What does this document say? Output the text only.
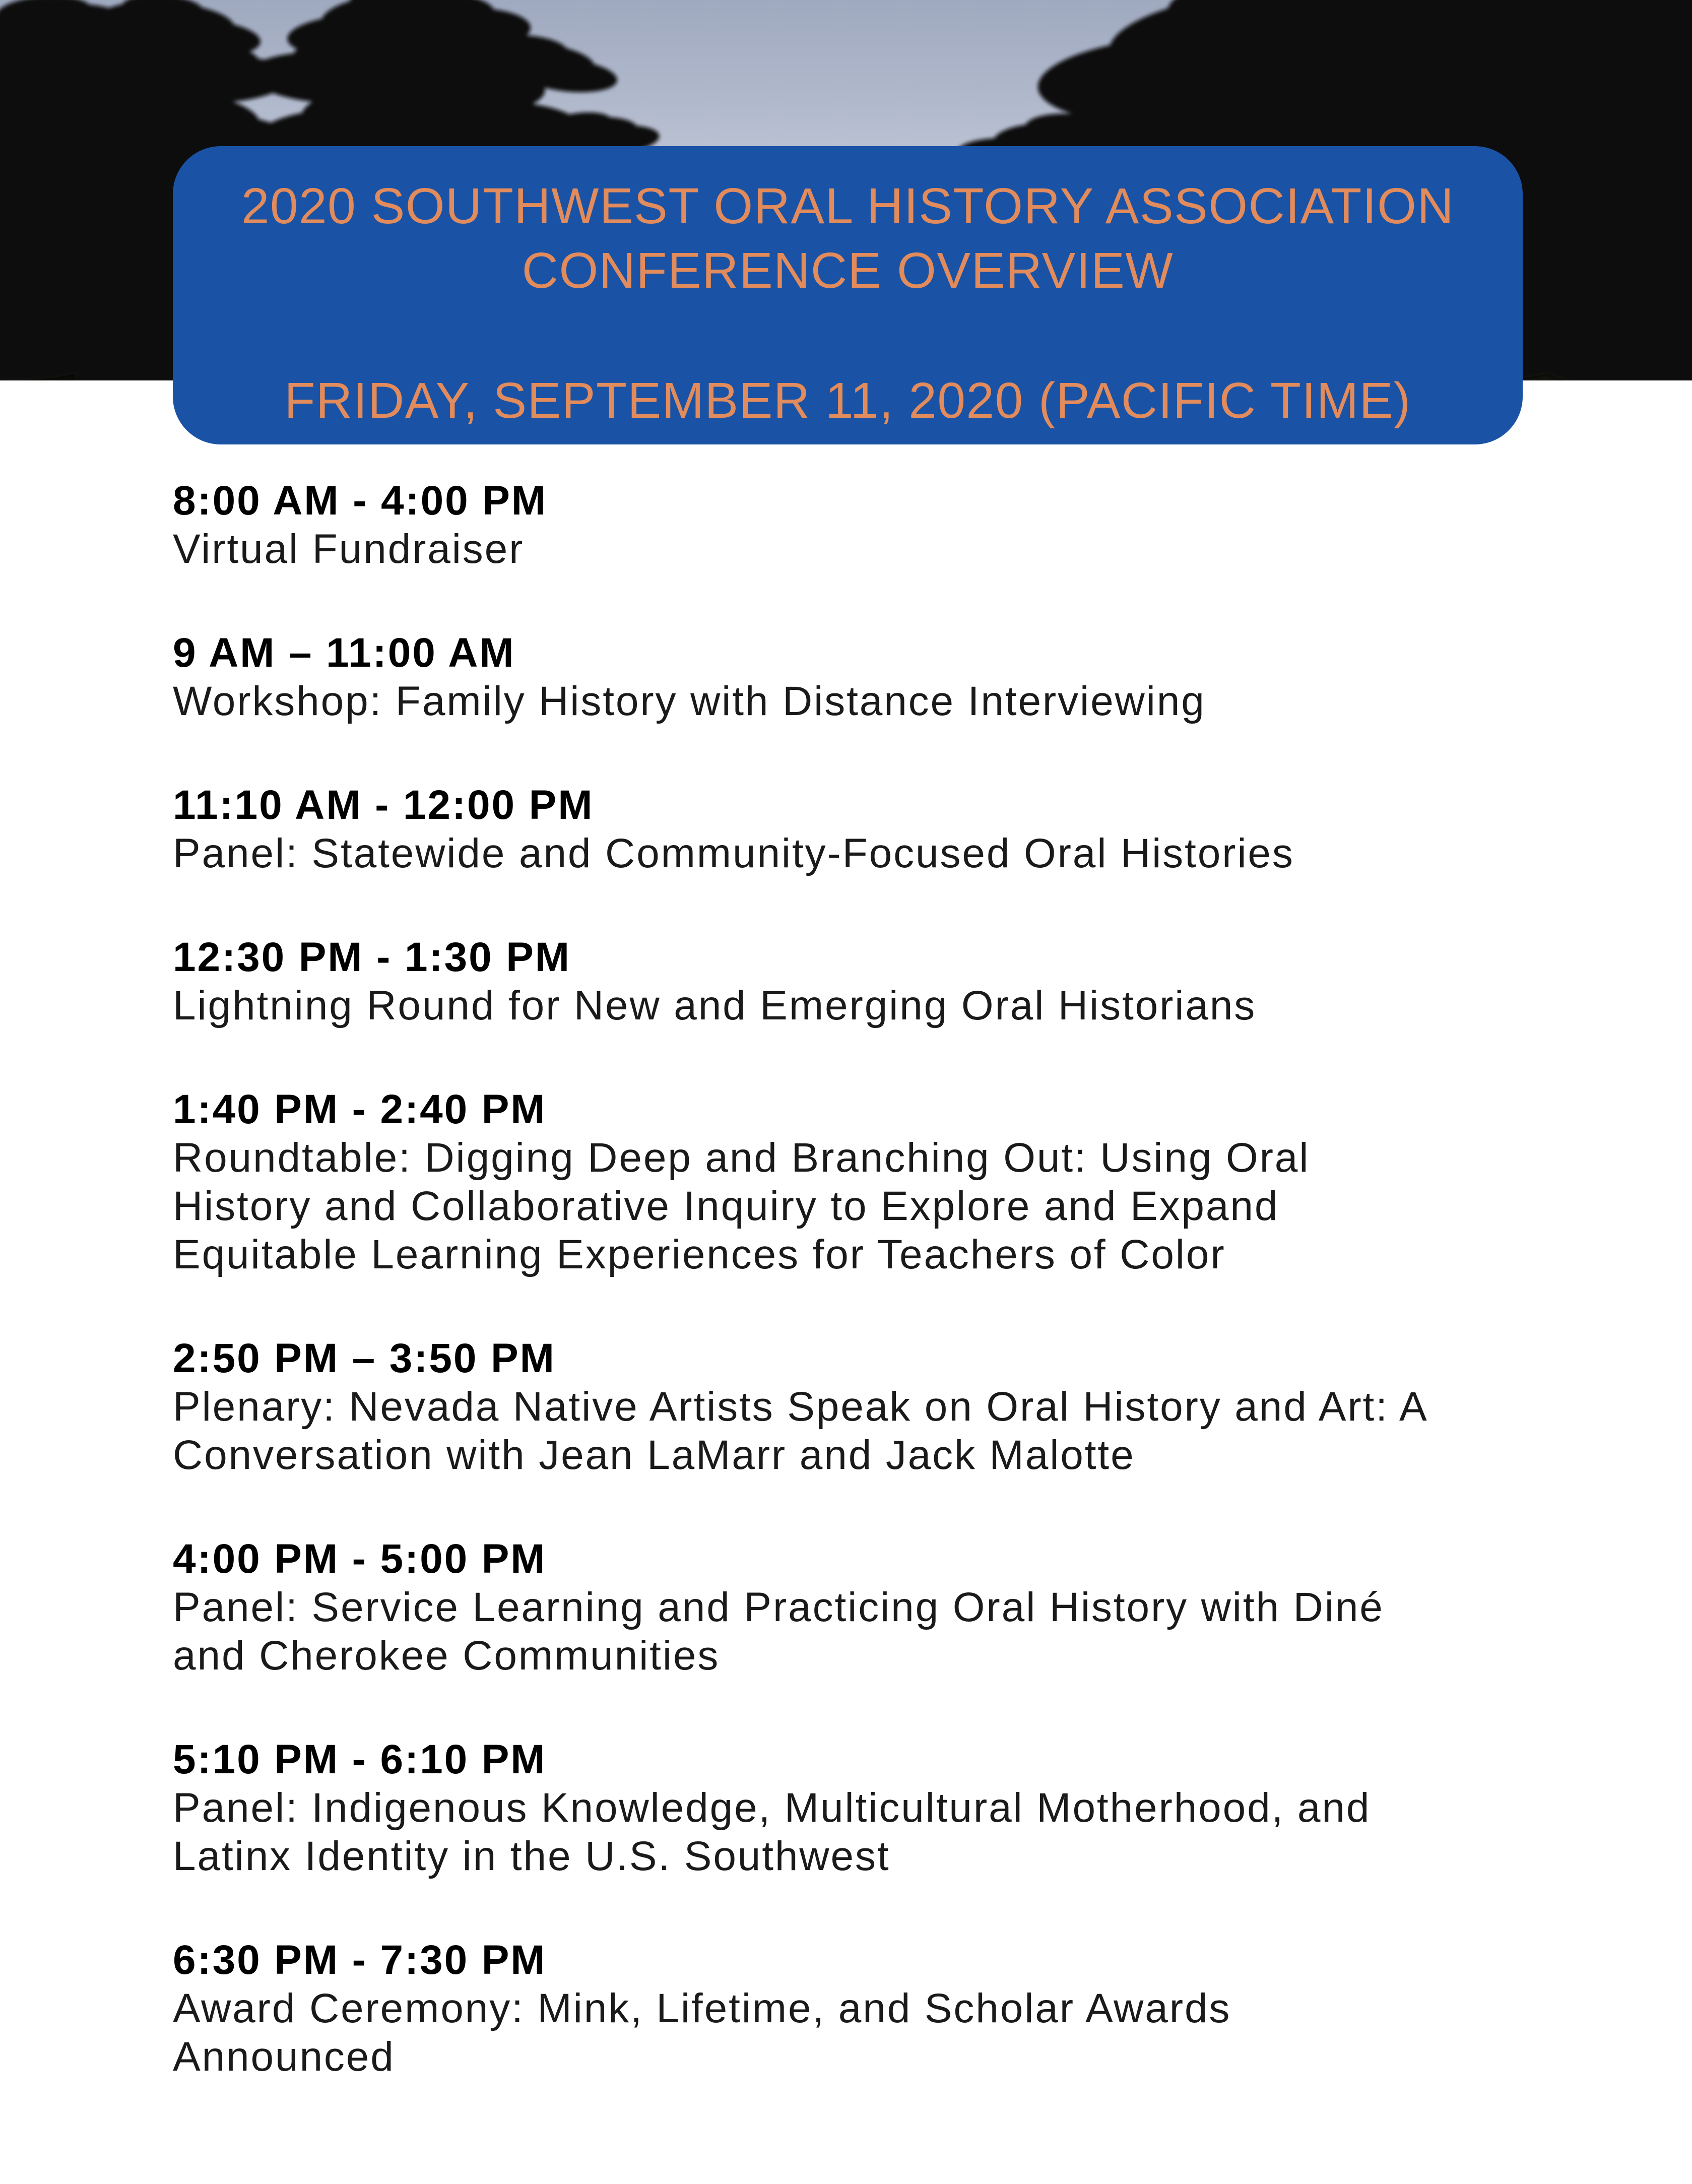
2020 SOUTHWEST ORAL HISTORY ASSOCIATION
CONFERENCE OVERVIEW
FRIDAY, SEPTEMBER 11, 2020 (PACIFIC TIME)
8:00 AM - 4:00 PM
Virtual Fundraiser
9 AM – 11:00 AM
Workshop: Family History with Distance Interviewing
11:10 AM - 12:00 PM
Panel: Statewide and Community-Focused Oral Histories
12:30 PM - 1:30 PM
Lightning Round for New and Emerging Oral Historians
1:40 PM - 2:40 PM
Roundtable: Digging Deep and Branching Out: Using Oral
History and Collaborative Inquiry to Explore and Expand
Equitable Learning Experiences for Teachers of Color
2:50 PM – 3:50 PM
Plenary: Nevada Native Artists Speak on Oral History and Art: A
Conversation with Jean LaMarr and Jack Malotte
4:00 PM - 5:00 PM
Panel: Service Learning and Practicing Oral History with Diné
and Cherokee Communities
5:10 PM - 6:10 PM
Panel: Indigenous Knowledge, Multicultural Motherhood, and
Latinx Identity in the U.S. Southwest
6:30 PM - 7:30 PM
Award Ceremony: Mink, Lifetime, and Scholar Awards
Announced
